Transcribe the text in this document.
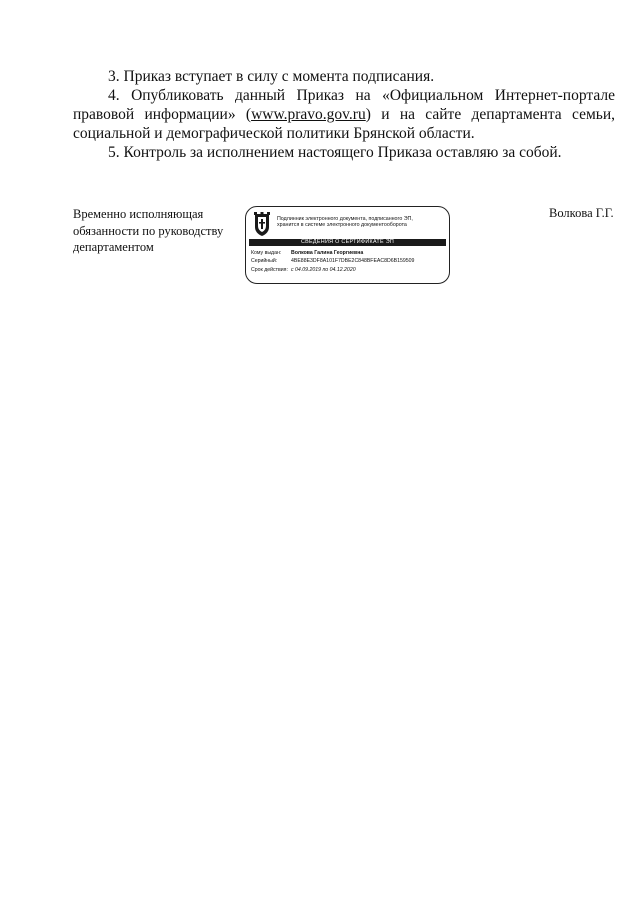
3. Приказ вступает в силу с момента подписания.
4. Опубликовать данный Приказ на «Официальном Интернет-портале
правовой информации» (www.pravo.gov.ru) и на сайте департамента семьи,
социальной и демографической политики Брянской области.
5. Контроль за исполнением настоящего Приказа оставляю за собой.
Временно исполняющая
обязанности по руководству
департаментом
Подлинник электронного документа, подписанного ЭП,
хранится в системе электронного документооборота
СВЕДЕНИЯ О СЕРТИФИКАТЕ ЭП
Кому выдан: Волкова Галина Георгиевна
Серийный:	4BE88E3DF8A101F7DBE2C848BFEAC8D6B159509
Срок действия: с 04.09.2019 по 04.12.2020
Волкова Г.Г.
